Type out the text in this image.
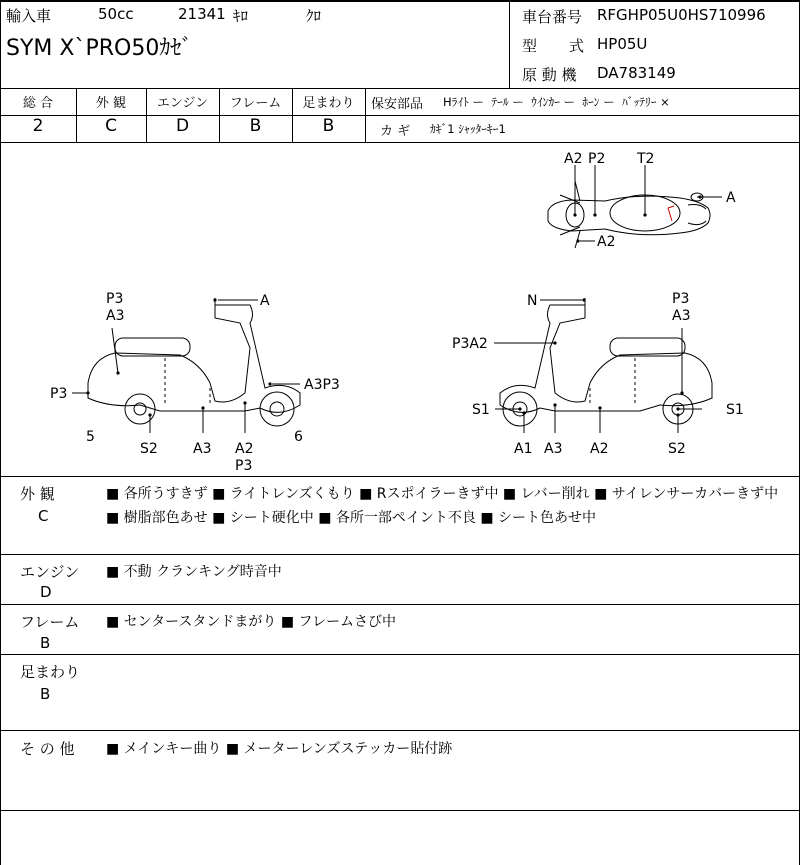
輸入車	50cc	21341 ｷﾛ	ｸﾛ
SYM X`PRO50ｶｾﾞ
車台番号 RFGHP05U0HS710996
型 式 HP05U
原 動 機 DA783149
総 合	外 観	エンジン	フレーム	足まわり
2	C	D	B	B
保安部品 Hﾗｲﾄ ー  ﾃｰﾙ ー  ｳｲﾝｶｰ ー  ﾎｰﾝ ー  ﾊﾞｯﾃﾘｰ ×
カ ギ ｶｷﾞ1 ｼｬｯﾀｰｷｰ1
A2 P2 T2
A
A2
P3
A3
A
A3P3
P3
5
S2	A3 A2
P3
6
N	P3
A3
P3A2
S1	S1
A1 A3 A2	S2
外 観
C
■ 各所うすきず ■ ライトレンズくもり ■ Rスポイラーきず中 ■ レバー削れ ■ サイレンサーカバーきず中
■ 樹脂部色あせ ■ シート硬化中 ■ 各所一部ペイント不良 ■ シート色あせ中
エンジン
D
■ 不動 クランキング時音中
フレーム
B
■ センタースタンドまがり ■ フレームさび中
足まわり
B
そ の 他 ■ メインキー曲り ■ メーターレンズステッカー貼付跡
